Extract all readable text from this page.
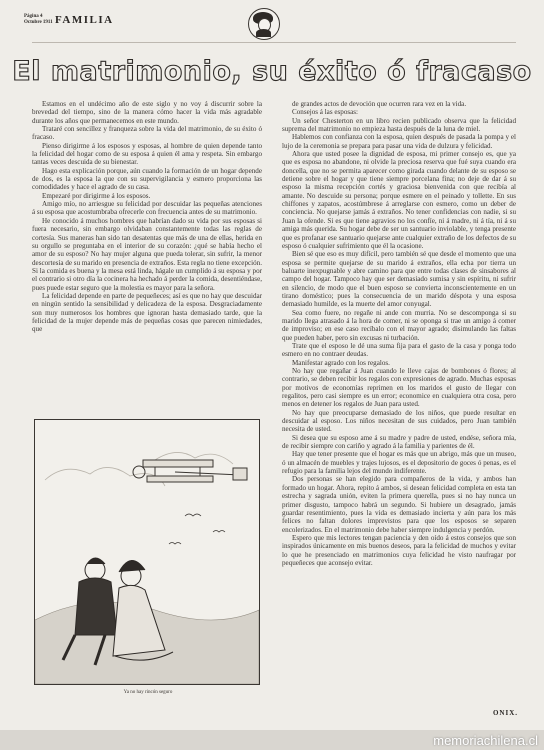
Página 4
Octubre 1911 FAMILIA
El matrimonio, su éxito ó fracaso

Estamos en el undécimo año de este siglo y no voy á discurrir sobre la brevedad del tiempo, sino de la manera cómo hacer la vida más agradable durante los años que permanecemos en este mundo.

Trataré con sencillez y franqueza sobre la vida del matrimonio, de su éxito ó fracaso.

Pienso dirigirme á los esposos y esposas, al hombre de quien depende tanto la felicidad del hogar como de su esposa á quien él ama y respeta. Sin embargo tantas veces descuida de su bienestar.

Hago esta explicación porque, aún cuando la formación de un hogar depende de dos, es la esposa la que con su supervigilancia y esmero proporciona las comodidades y hace el agrado de su casa.

Empezaré por dirigirme á los esposos.

Amigo mío, no arriesgue su felicidad por descuidar las pequeñas atenciones á su esposa que acostumbraba ofrecerle con frecuencia antes de su matrimonio.

He conocido á muchos hombres que habrían dado su vida por sus esposas si fuera necesario, sin embargo olvidaban constantemente todas las reglas de cortesía. Sus maneras han sido tan desatentas que más de una de ellas, herida en su orgullo se preguntaba en el interior de su corazón: ¿qué se había hecho el amor de su esposo? No hay mujer alguna que pueda tolerar, sin sufrir, la menor descortesía de su marido en presencia de extraños. Esta regla no tiene excepción. Si la comida es buena y la mesa está linda, hágale un cumplido á su esposa y por el contrario si otro día la cocinera ha hechado á perder la comida, desentiéndase, pues puede estar seguro que la molestia es mayor para la señora.

La felicidad depende en parte de pequeñeces; así es que no hay que descuidar en ningún sentido la sensibilidad y delicadeza de la esposa. Desgraciadamente son muy numerosos los hombres que ignoran hasta demasiado tarde, que la felicidad de la mujer depende más de pequeñas cosas que parecen nimiedades, que

Ya no hay rincón seguro

de grandes actos de devoción que ocurren rara vez en la vida.

Consejos á las esposas:

Un señor Chesterton en un libro recien publicado observa que la felicidad suprema del matrimonio no empieza hasta después de la luna de miel.

Hablemos con confianza con la esposa, quien después de pasada la pompa y el lujo de la ceremonia se prepara para pasar una vida de dulzura y felicidad.

Ahora que usted posee la dignidad de esposa, mi primer consejo es, que ya que es esposa no abandone, ni olvide la preciosa reserva que fué suya cuando era doncella, que no se permita aparecer como girada cuando delante de su esposo se detiene sobre el hogar y que tiene siempre porcelana fina; no deje de dar á su esposo la misma recepción cortés y graciosa bienvenida con que recibía al amante. No descuide su persona; porque esmere en el peinado y tollette. En sus chiffones y zapatos, acostúmbrese á arreglarse con esmero, como un deber de conciencia. No quejarse jamás á extraños. No tener confidencias con nadie, si su Juan la ofende. Si es que tiene agravios no los confíe, ni á madre, ni á tía, ni á su amiga más querida. Su hogar debe de ser un santuario inviolable, y tenga presente que es profanar ese santuario quejarse ante cualquier extraño de los defectos de su esposo ó cualquier sufrimiento que él la ocasione.

Bien sé que eso es muy difícil, pero también sé que desde el momento que una esposa se permite quejarse de su marido á extraños, ella echa por tierra un baluarte inexpugnable y abre camino para que entre todas clases de sinsabores al campo del hogar. Tampoco hay que ser demasiado sumisa y sin espíritu, ni sufrir en silencio, de modo que el buen esposo se convierta inconscientemente en un tirano doméstico; pues la consecuencia de un marido déspota y una esposa demasiado humilde, es la muerte del amor conyugal.

Sea como fuere, no regañe ni ande con murria. No se descomponga si su marido llega atrasado á la hora de comer, ni se oponga si trae un amigo á comer de improviso; en ese caso recíbalo con el mayor agrado; disimulando las faltas que pueden haber, pero sin excusas ni turbación.

Trate que el esposo le dé una suma fija para el gasto de la casa y ponga todo esmero en no contraer deudas.

Manifestar agrado con los regalos.

No hay que regañar á Juan cuando le lleve cajas de bombones ó flores; al contrario, se deben recibir los regalos con expresiones de agrado. Muchas esposas por motivos de economías reprimen en los maridos el gusto de llegar con regalitos, pero casi siempre es un error; economice en cualquiera otra cosa, pero menos en detener los regalos de Juan para usted.

No hay que preocuparse demasiado de los niños, que puede resultar en descuidar al esposo. Los niños necesitan de sus cuidados, pero Juan también necesita de usted.

Si desea que su esposo ame á su madre y padre de usted, endése, señora mía, de recibir siempre con cariño y agrado á la familia y parientes de él.

Hay que tener presente que el hogar es más que un abrigo, más que un museo, ó un almacén de muebles y trajes lujosos, es el depositorio de goces ó penas, es el refugio para la familia lejos del mundo indiferente.

Dos personas se han elegido para compañeros de la vida, y ambos han formado un hogar. Ahora, repito á ambos, si desean felicidad completa en esta tan estrecha y sagrada unión, eviten la primera querella, pues si no hay nunca un primer disgusto, tampoco habrá un segundo. Si hubiere un desagrado, jamás guardar resentimiento, pues la vida es demasiado incierta y aún para los más felices no faltan dolores imprevistos para que los esposos se separen encolerizados. En el matrimonio debe haber siempre indulgencia y perdón.

Espero que mis lectores tengan paciencia y den oído á estos consejos que son inspirados únicamente en mis buenos deseos, para la felicidad de muchos y evitar lo que he presenciado en matrimonios cuya felicidad he visto naufragar por pequeñeces que aconsejo evitar.

ONIX.
memoriachilena.cl
